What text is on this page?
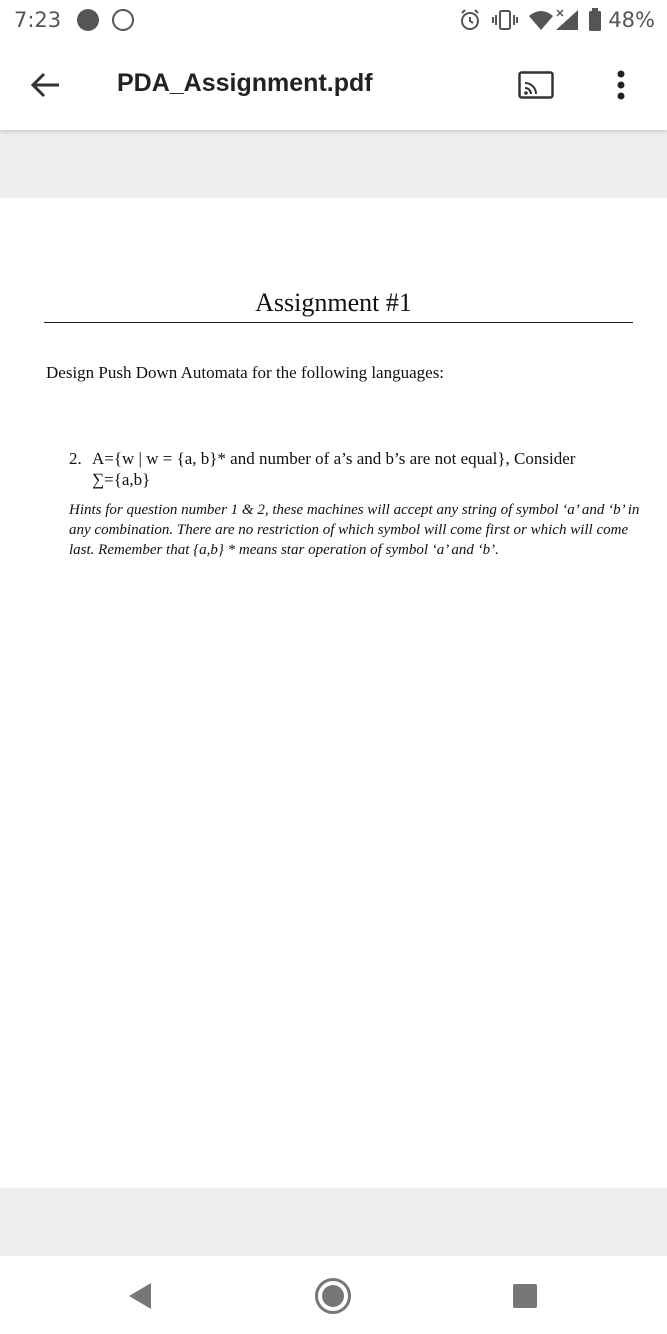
7:23	48%
PDA_Assignment.pdf
Assignment #1
Design Push Down Automata for the following languages:
2. A={w | w = {a, b}* and number of a’s and b’s are not equal}, Consider
∑={a,b}
Hints for question number 1 & 2, these machines will accept any string of symbol ‘a’ and ‘b’ in any combination. There are no restriction of which symbol will come first or which will come last. Remember that {a,b} * means star operation of symbol ‘a’ and ‘b’.
